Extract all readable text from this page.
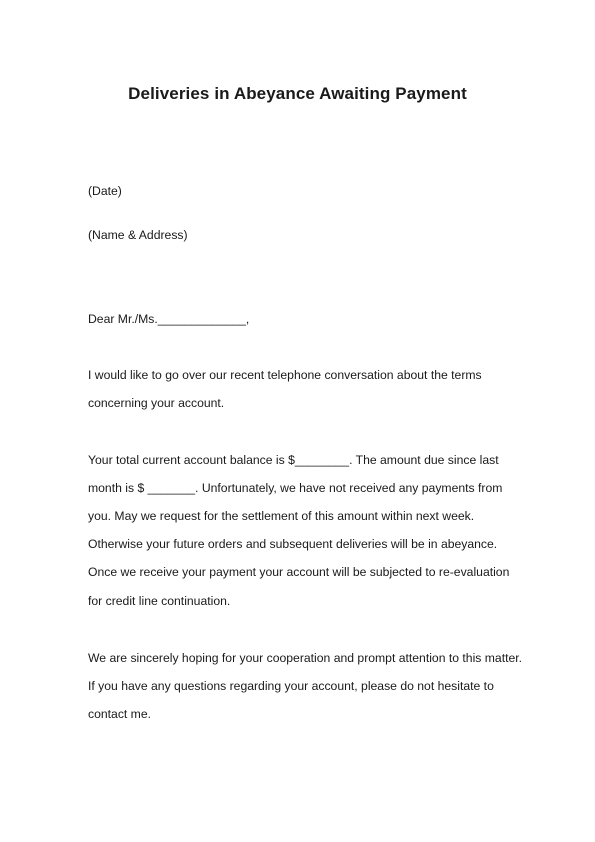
Deliveries in Abeyance Awaiting Payment
(Date)
(Name & Address)
Dear Mr./Ms._____________,
I would like to go over our recent telephone conversation about the terms
concerning your account.
Your total current account balance is $________. The amount due since last
month is $ _______. Unfortunately, we have not received any payments from
you. May we request for the settlement of this amount within next week.
Otherwise your future orders and subsequent deliveries will be in abeyance.
Once we receive your payment your account will be subjected to re-evaluation
for credit line continuation.
We are sincerely hoping for your cooperation and prompt attention to this matter.
If you have any questions regarding your account, please do not hesitate to
contact me.
